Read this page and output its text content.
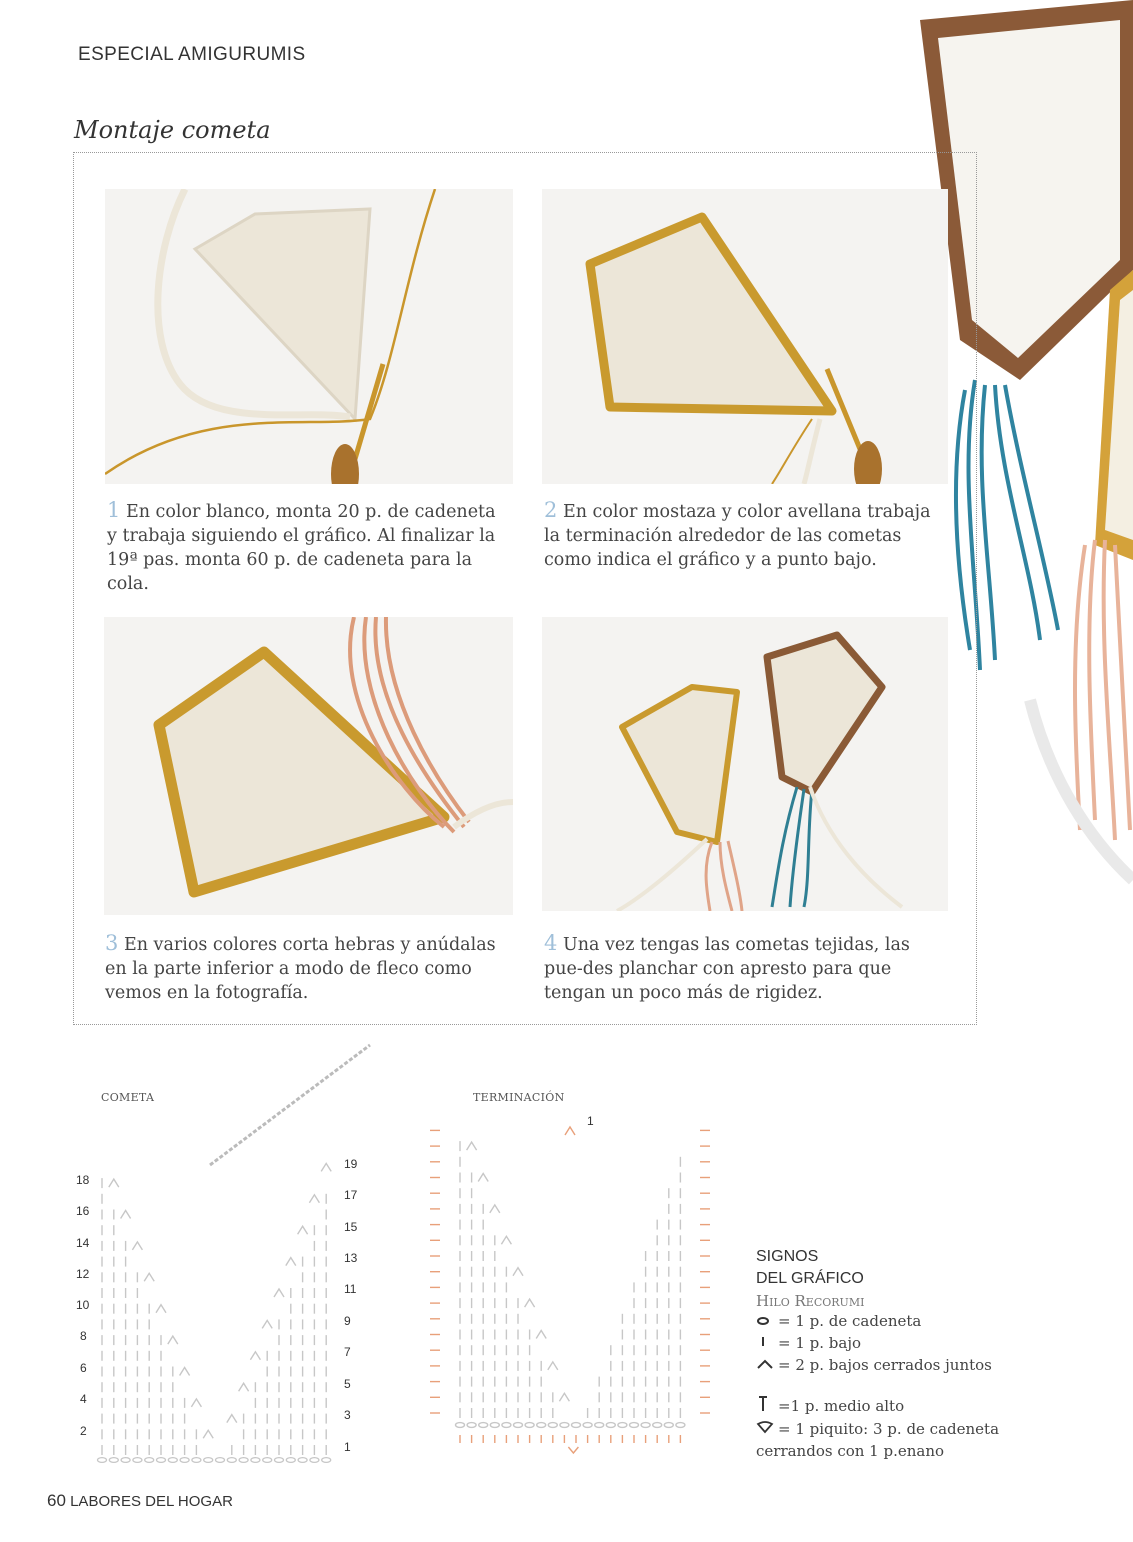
ESPECIAL AMIGURUMIS
Montaje cometa
1 En color blanco, monta 20 p. de cadeneta y trabaja siguiendo el gráfico. Al finalizar la 19ª pas. monta 60 p. de cadeneta para la cola.
2 En color mostaza y color avellana trabaja la terminación alrededor de las cometas como indica el gráfico y a punto bajo.
3 En varios colores corta hebras y anúdalas en la parte inferior a modo de fleco como vemos en la fotografía.
4 Una vez tengas las cometas tejidas, las pue-des planchar con apresto para que tengan un poco más de rigidez.
COMETA	TERMINACIÓN
18
16
14
12
10
8
6
4
2
19
17
15
13
11
9
7
5
3
1
1
SIGNOS
DEL GRÁFICO
Hilo Recorumi
= 1 p. de cadeneta
= 1 p. bajo
= 2 p. bajos cerrados juntos
=1 p. medio alto
= 1 piquito: 3 p. de cadeneta
cerrandos con 1 p.enano
60 LABORES DEL HOGAR
